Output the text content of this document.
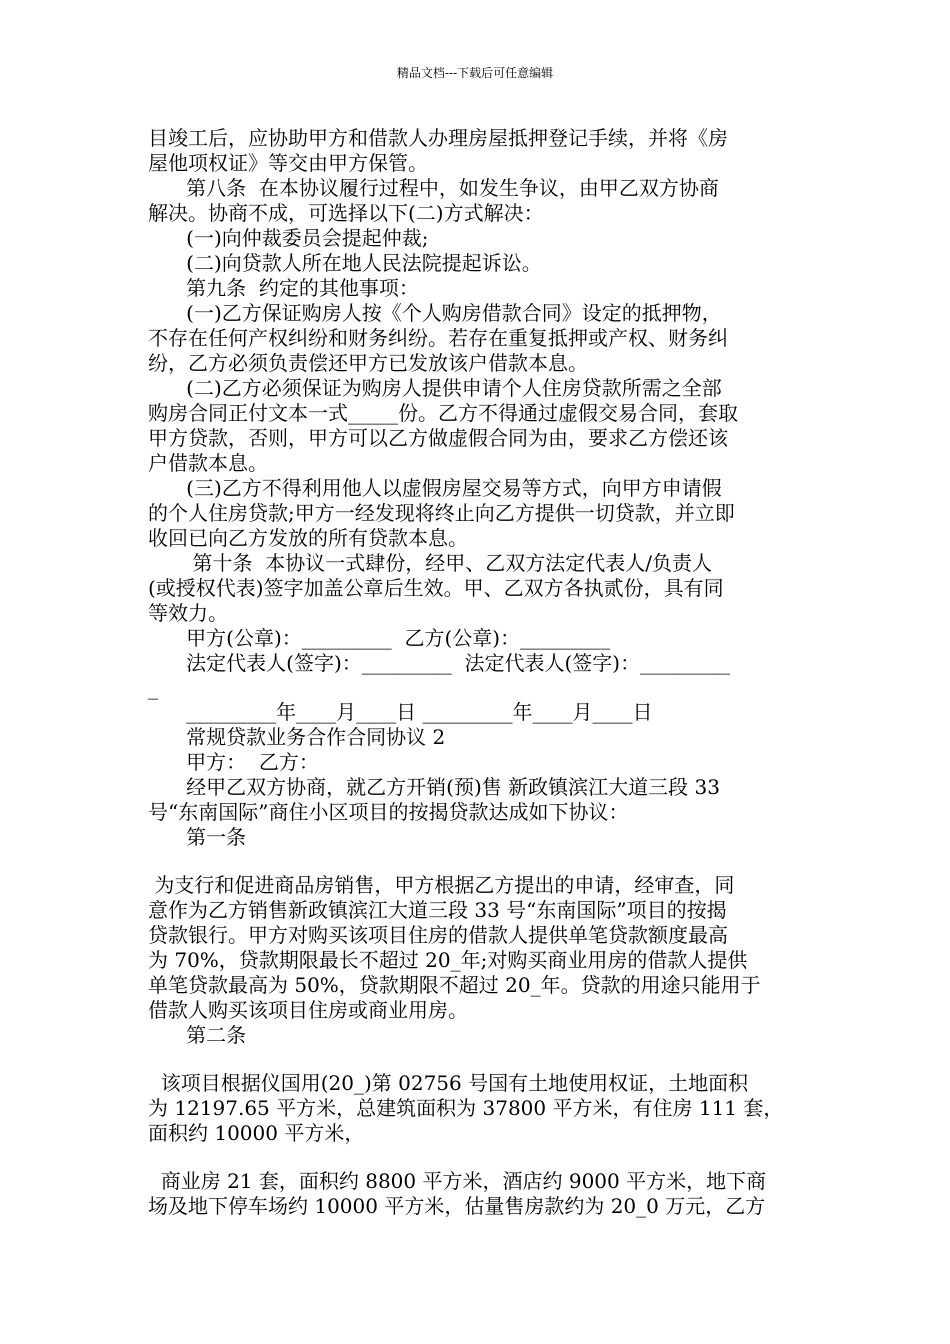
精品文档---下载后可任意编辑
目竣工后，应协助甲方和借款人办理房屋抵押登记手续，并将《房
屋他项权证》等交由甲方保管。
第八条  在本协议履行过程中，如发生争议，由甲乙双方协商
解决。协商不成，可选择以下(二)方式解决：
(一)向仲裁委员会提起仲裁;
(二)向贷款人所在地人民法院提起诉讼。
第九条  约定的其他事项：
(一)乙方保证购房人按《个人购房借款合同》设定的抵押物，
不存在任何产权纠纷和财务纠纷。若存在重复抵押或产权、财务纠
纷，乙方必须负责偿还甲方已发放该户借款本息。
(二)乙方必须保证为购房人提供申请个人住房贷款所需之全部
购房合同正付文本一式_____份。乙方不得通过虚假交易合同，套取
甲方贷款，否则，甲方可以乙方做虚假合同为由，要求乙方偿还该
户借款本息。
(三)乙方不得利用他人以虚假房屋交易等方式，向甲方申请假
的个人住房贷款;甲方一经发现将终止向乙方提供一切贷款，并立即
收回已向乙方发放的所有贷款本息。
第十条  本协议一式肆份，经甲、乙双方法定代表人/负责人
(或授权代表)签字加盖公章后生效。甲、乙双方各执贰份，具有同
等效力。
甲方(公章)：_________  乙方(公章)：_________
法定代表人(签字)：_________  法定代表人(签字)：_________
_
_________年____月____日 _________年____月____日
常规贷款业务合作合同协议 2
甲方：  乙方：
经甲乙双方协商，就乙方开销(预)售 新政镇滨江大道三段 33
号“东南国际”商住小区项目的按揭贷款达成如下协议：
第一条
为支行和促进商品房销售，甲方根据乙方提出的申请，经审查，同
意作为乙方销售新政镇滨江大道三段 33 号“东南国际”项目的按揭
贷款银行。甲方对购买该项目住房的借款人提供单笔贷款额度最高
为 70%，贷款期限最长不超过 20_年;对购买商业用房的借款人提供
单笔贷款最高为 50%，贷款期限不超过 20_年。贷款的用途只能用于
借款人购买该项目住房或商业用房。
第二条
该项目根据仪国用(20_)第 02756 号国有土地使用权证，土地面积
为 12197.65 平方米，总建筑面积为 37800 平方米，有住房 111 套，
面积约 10000 平方米，
商业房 21 套，面积约 8800 平方米，酒店约 9000 平方米，地下商
场及地下停车场约 10000 平方米，估量售房款约为 20_0 万元，乙方
